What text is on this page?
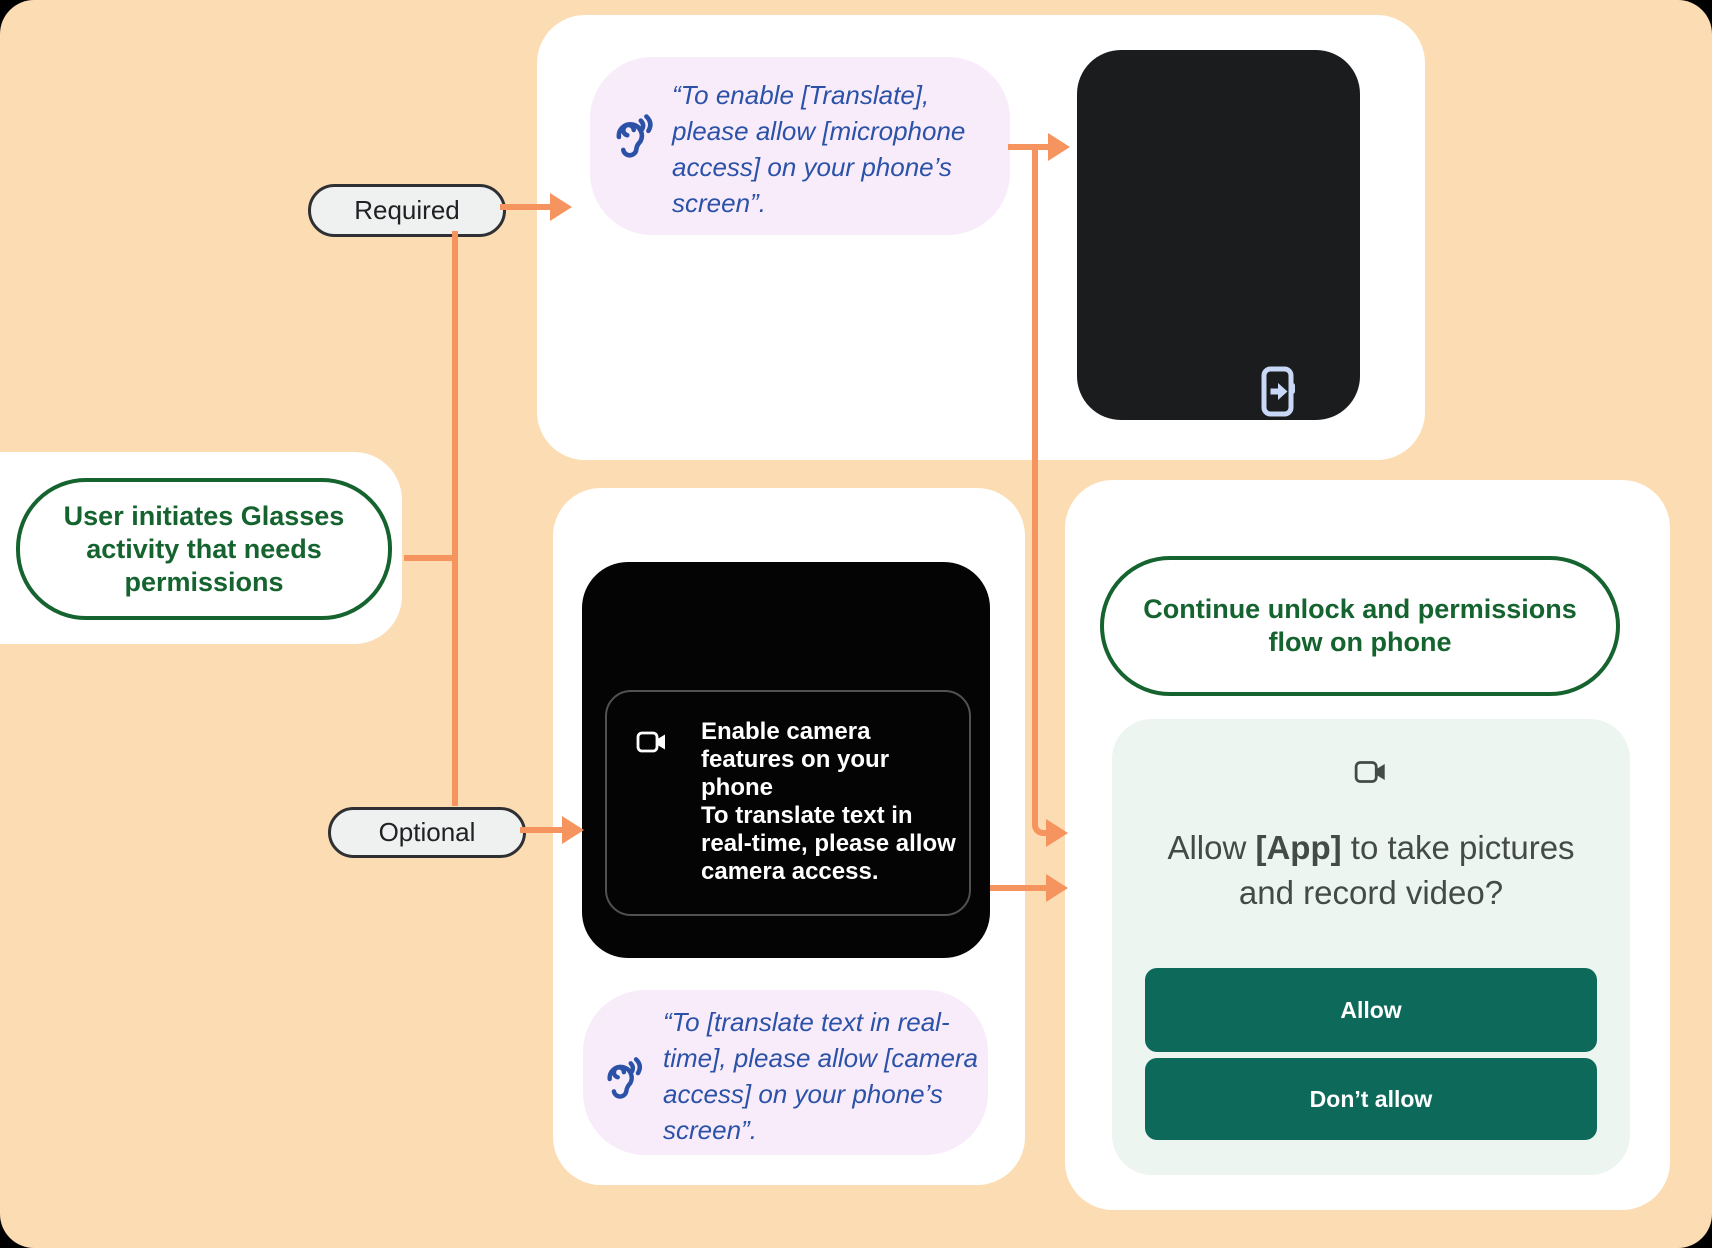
“To enable [Translate], please allow [microphone access] on your phone’s screen”.
User initiates Glasses activity that needs permissions
Enable camera features on your phone
To translate text in real-time, please allow camera access.
“To [translate text in real-time], please allow [camera access] on your phone’s screen”.
Continue unlock and permissions flow on phone
Allow [App] to take pictures and record video?
Allow
Don’t allow
Required
Optional
